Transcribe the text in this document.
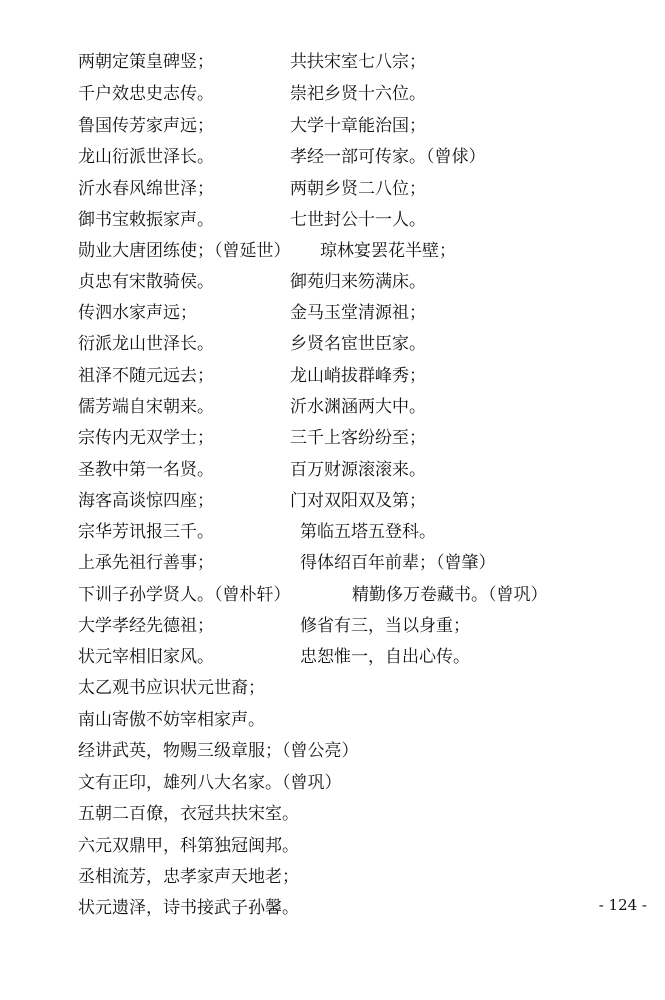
两朝定策皇碑竖；	共扶宋室七八宗；
千户效忠史志传。	崇祀乡贤十六位。
鲁国传芳家声远；	大学十章能治国；
龙山衍派世泽长。	孝经一部可传家。（曾俅）
沂水春风绵世泽；	两朝乡贤二八位；
御书宝敕振家声。	七世封公十一人。
勋业大唐团练使；（曾延世） 琼林宴罢花半壁；
贞忠有宋散骑侯。	御苑归来笏满床。
传泗水家声远；	金马玉堂清源祖；
衍派龙山世泽长。	乡贤名宦世臣家。
祖泽不随元远去；	龙山峭拔群峰秀；
儒芳端自宋朝来。	沂水渊涵两大中。
宗传内无双学士；	三千上客纷纷至；
圣教中第一名贤。	百万财源滚滚来。
海客高谈惊四座；	门对双阳双及第；
宗华芳讯报三千。	第临五塔五登科。
上承先祖行善事；	得体绍百年前辈；（曾肇）
下训子孙学贤人。（曾朴轩）	精勤侈万卷藏书。（曾巩）
大学孝经先德祖；	修省有三，当以身重；
状元宰相旧家风。	忠恕惟一，自出心传。
太乙观书应识状元世裔；
南山寄傲不妨宰相家声。
经讲武英，物赐三级章服；（曾公亮）
文有正印，雄列八大名家。（曾巩）
五朝二百僚，衣冠共扶宋室。
六元双鼎甲，科第独冠闽邦。
丞相流芳，忠孝家声天地老；
状元遗泽，诗书接武子孙馨。	- 124 -
